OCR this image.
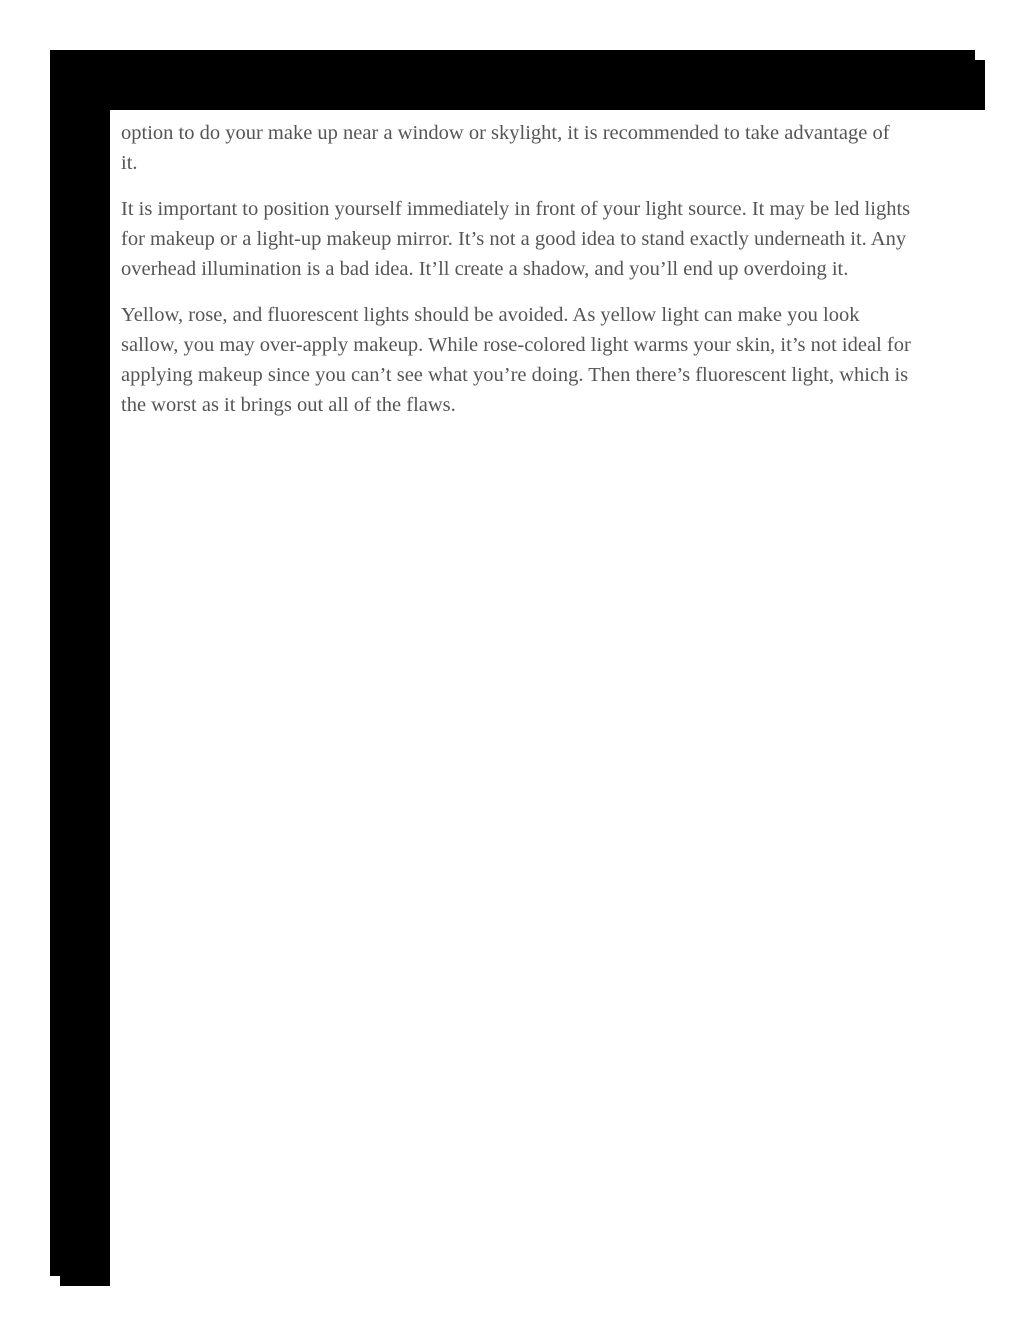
option to do your make up near a window or skylight, it is recommended to take advantage of it.

It is important to position yourself immediately in front of your light source. It may be led lights for makeup or a light-up makeup mirror. It’s not a good idea to stand exactly underneath it. Any overhead illumination is a bad idea. It’ll create a shadow, and you’ll end up overdoing it.

Yellow, rose, and fluorescent lights should be avoided. As yellow light can make you look sallow, you may over-apply makeup. While rose-colored light warms your skin, it’s not ideal for applying makeup since you can’t see what you’re doing. Then there’s fluorescent light, which is the worst as it brings out all of the flaws.
